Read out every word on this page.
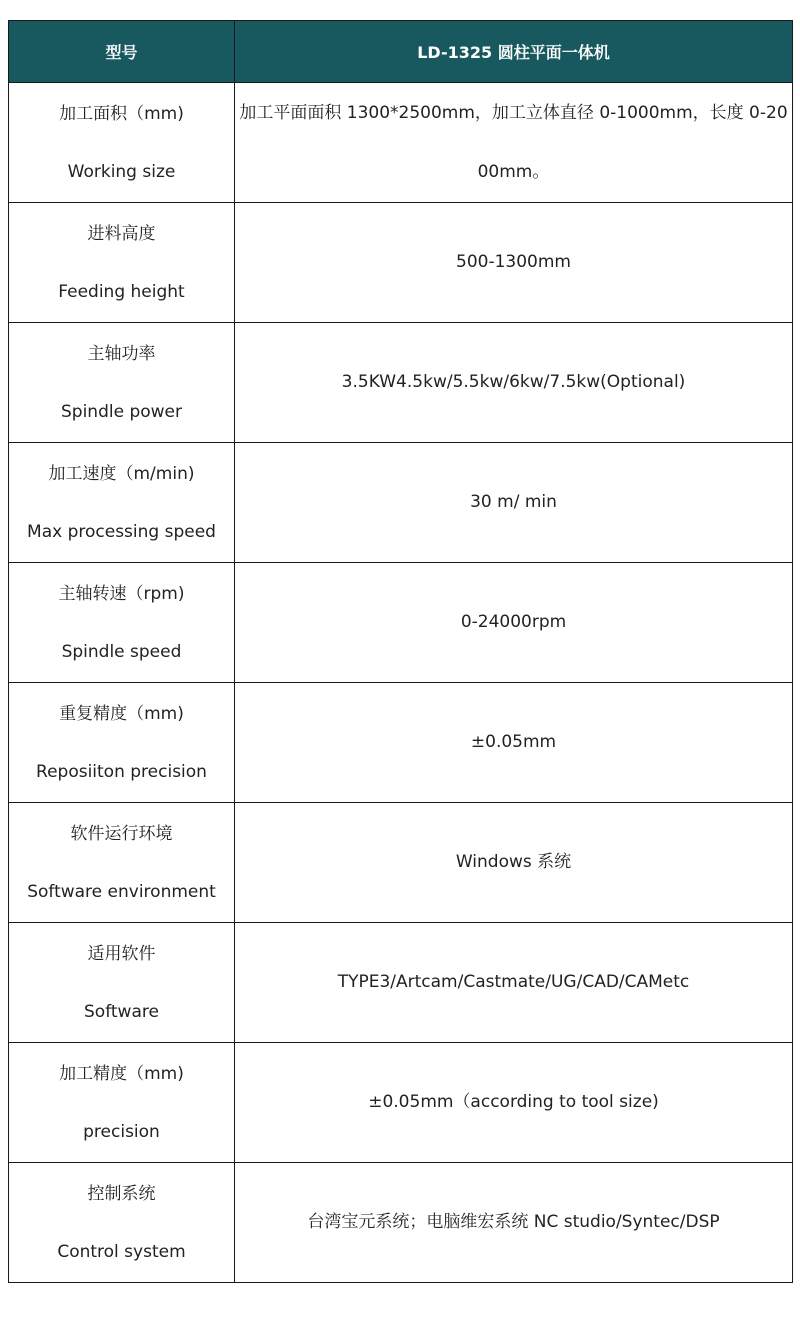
型号	LD-1325 圆柱平面一体机

加工面积（mm)
Working size	加工平面面积 1300*2500mm，加工立体直径 0-1000mm，长度 0-2000mm。

进料高度
Feeding height	500-1300mm

主轴功率
Spindle power	3.5KW4.5kw/5.5kw/6kw/7.5kw(Optional)

加工速度（m/min)
Max processing speed	30 m/ min

主轴转速（rpm)
Spindle speed	0-24000rpm

重复精度（mm)
Reposiiton precision	±0.05mm

软件运行环境
Software environment	Windows 系统

适用软件
Software	TYPE3/Artcam/Castmate/UG/CAD/CAMetc

加工精度（mm)
precision	±0.05mm（according to tool size)

控制系统
Control system	台湾宝元系统；电脑维宏系统 NC studio/Syntec/DSP
